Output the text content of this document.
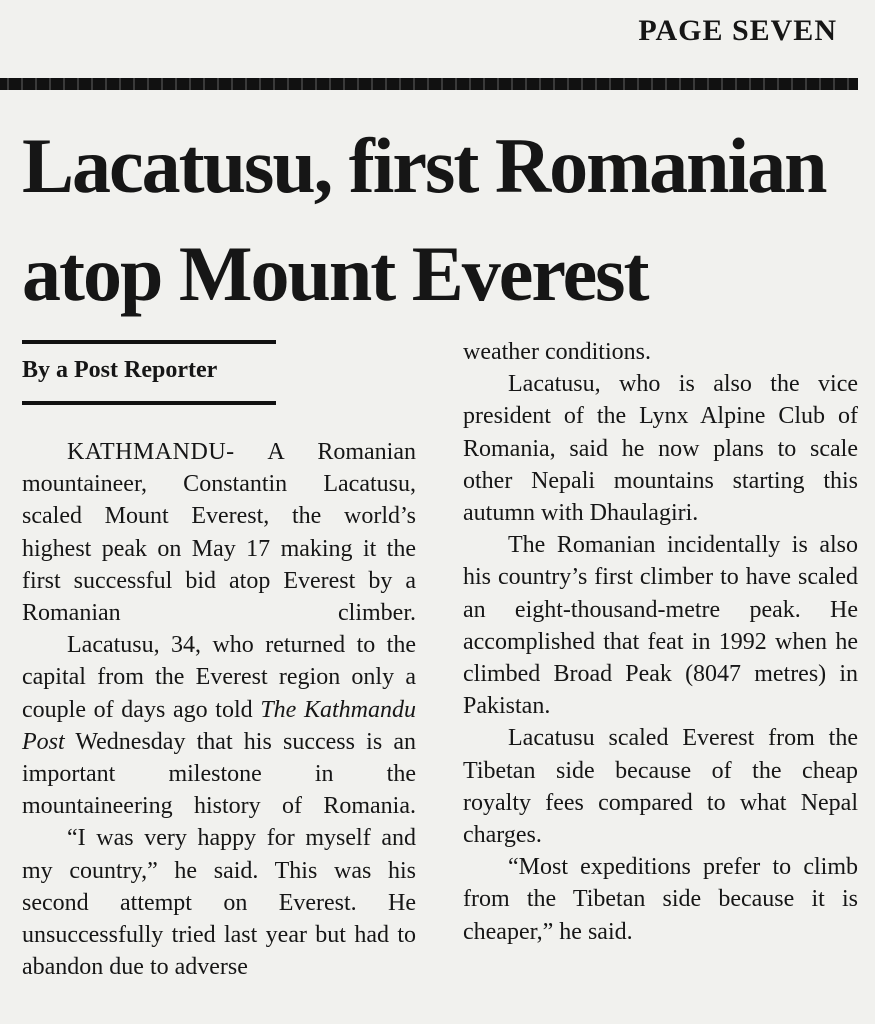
PAGE SEVEN
Lacatusu, first Romanian
atop Mount Everest
By a Post Reporter

KATHMANDU- A Romanian mountaineer, Constantin Lacatusu, scaled Mount Everest, the world’s highest peak on May 17 making it the first successful bid atop Everest by a Romanian climber.

Lacatusu, 34, who returned to the capital from the Everest region only a couple of days ago told The Kathmandu Post Wednesday that his success is an important milestone in the mountaineering history of Romania.

“I was very happy for myself and my country,” he said. This was his second attempt on Everest. He unsuccessfully tried last year but had to abandon due to adverse

weather conditions.

Lacatusu, who is also the vice president of the Lynx Alpine Club of Romania, said he now plans to scale other Nepali mountains starting this autumn with Dhaulagiri.

The Romanian incidentally is also his country’s first climber to have scaled an eight-thousand-metre peak. He accomplished that feat in 1992 when he climbed Broad Peak (8047 metres) in Pakistan.

Lacatusu scaled Everest from the Tibetan side because of the cheap royalty fees compared to what Nepal charges.

“Most expeditions prefer to climb from the Tibetan side because it is cheaper,” he said.
